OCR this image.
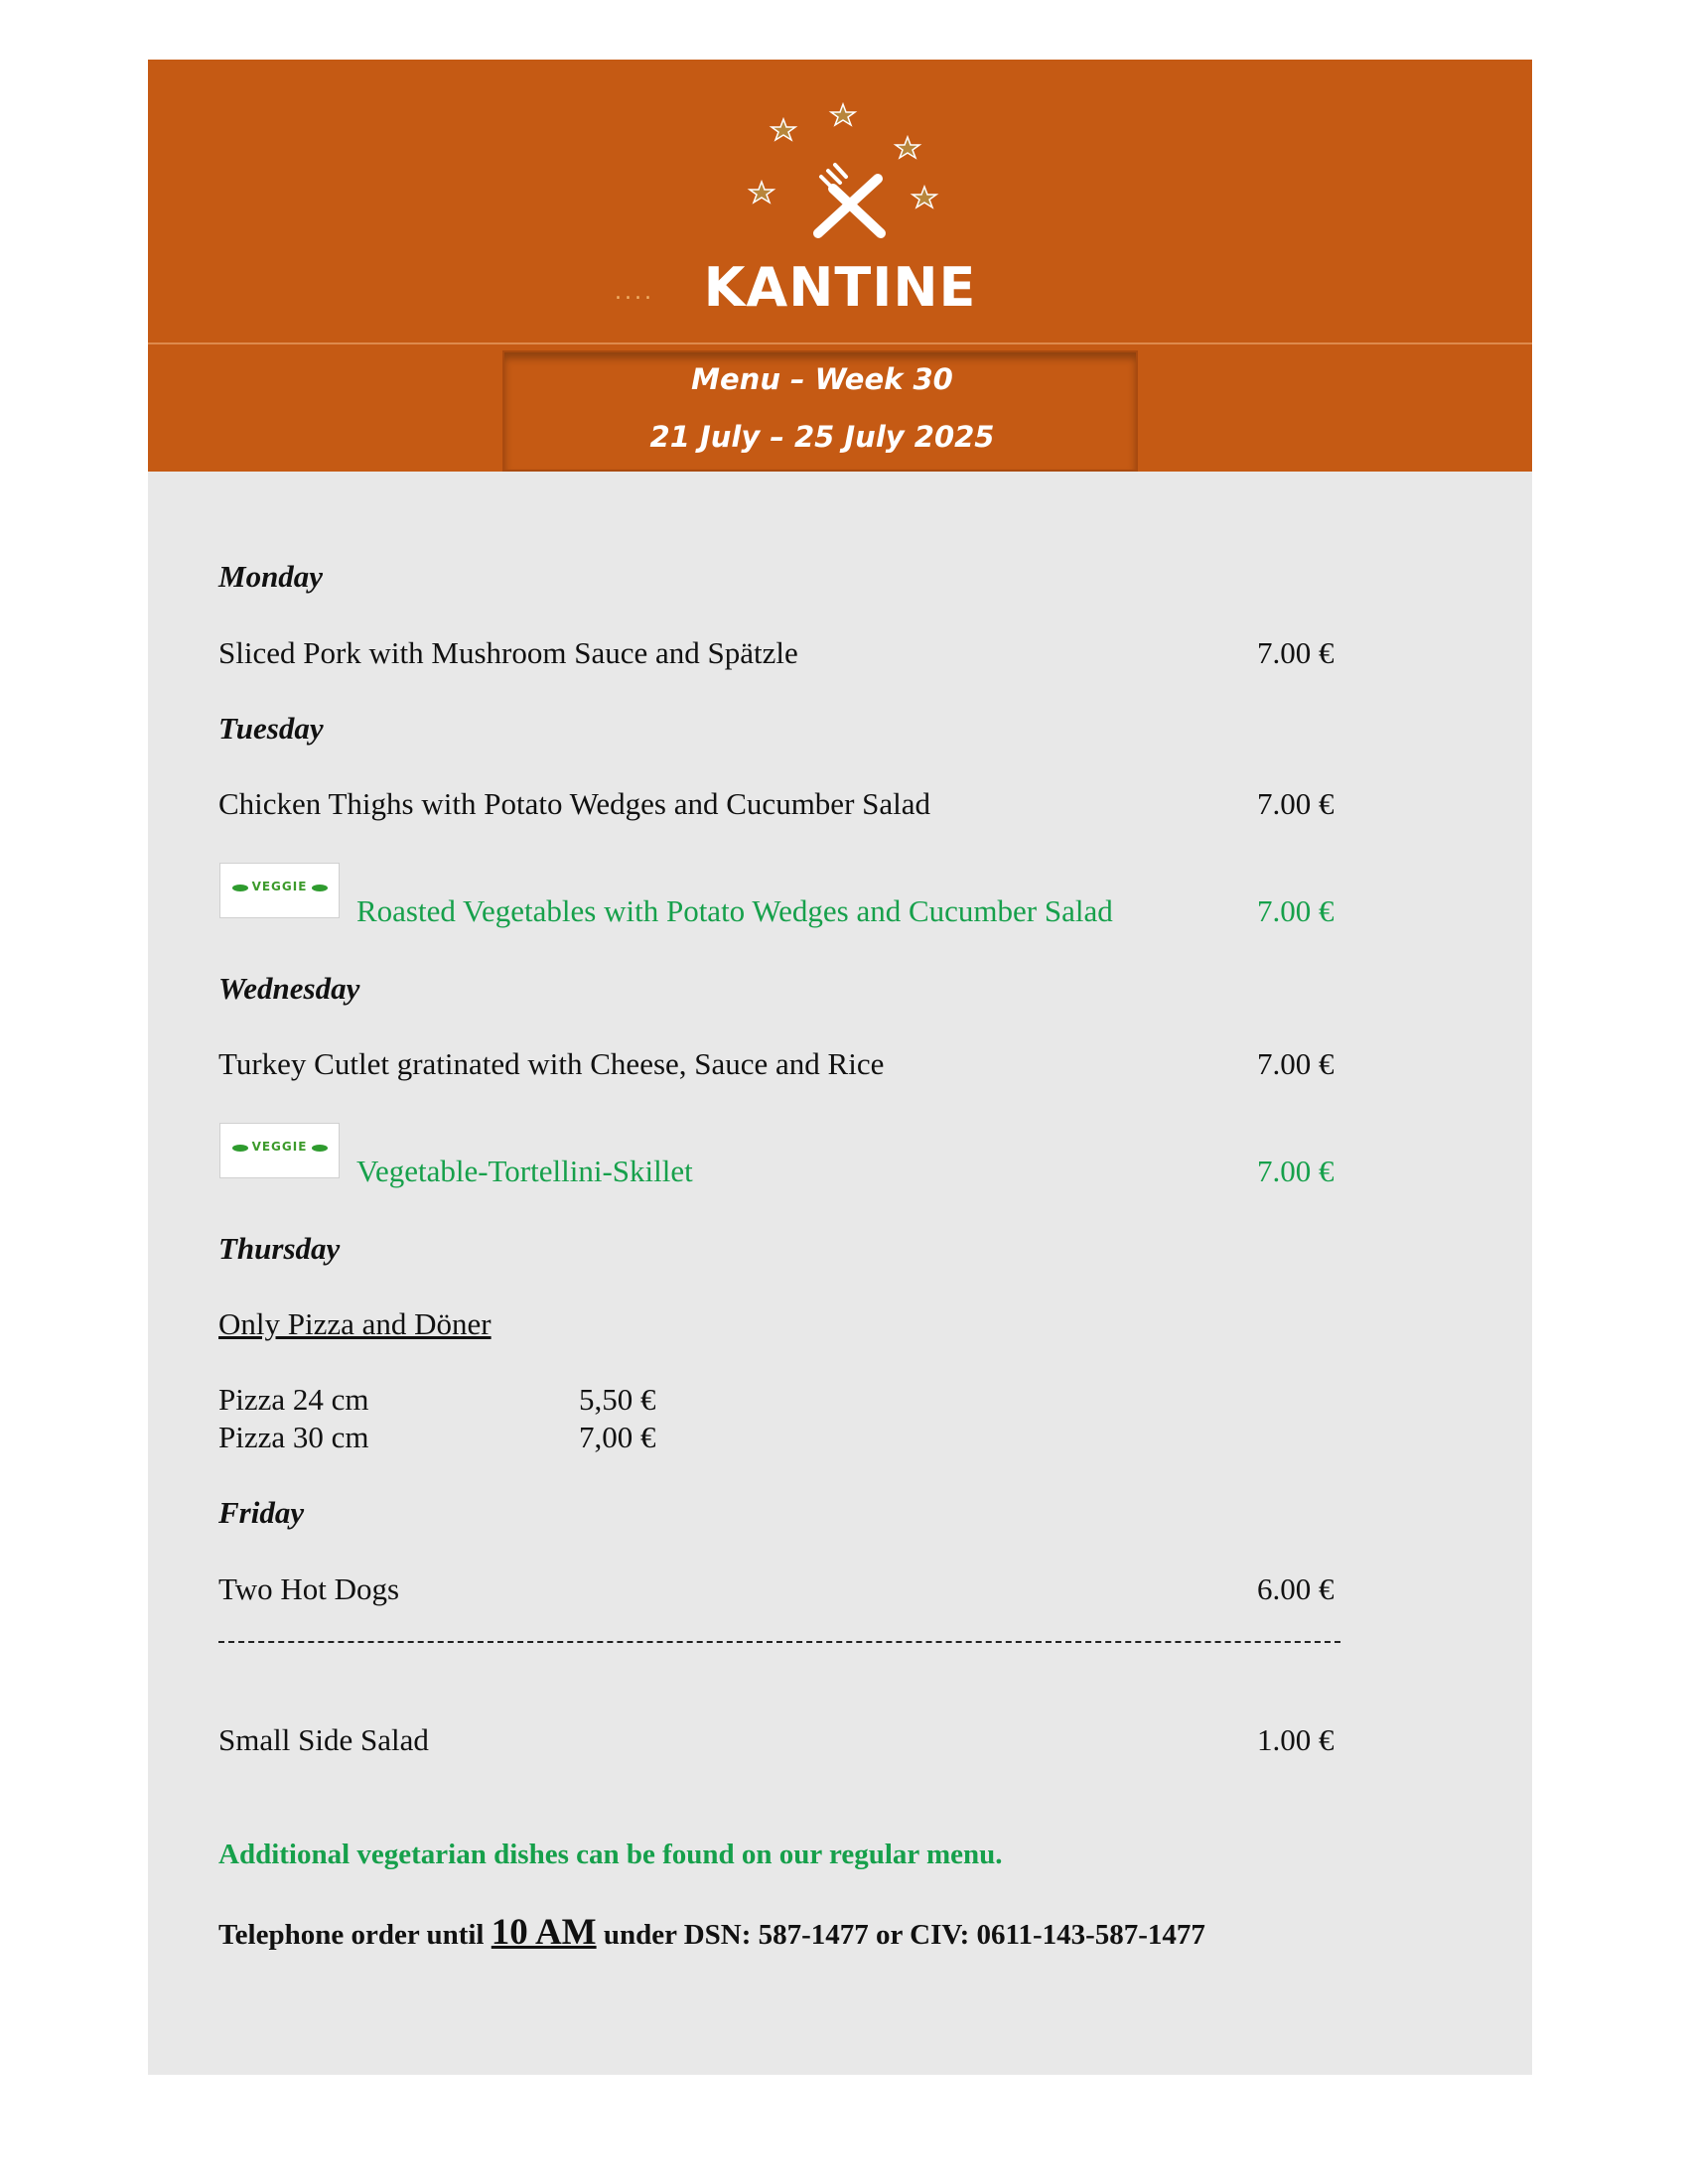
.... KANTINE
Menu – Week 30
21 July – 25 July 2025
Monday
Sliced Pork with Mushroom Sauce and Spätzle	7.00 €
Tuesday
Chicken Thighs with Potato Wedges and Cucumber Salad	7.00 €
VEGGIE
Roasted Vegetables with Potato Wedges and Cucumber Salad	7.00 €
Wednesday
Turkey Cutlet gratinated with Cheese, Sauce and Rice	7.00 €
VEGGIE
Vegetable-Tortellini-Skillet	7.00 €
Thursday
Only Pizza and Döner
Pizza 24 cm	5,50 €
Pizza 30 cm	7,00 €
Friday
Two Hot Dogs	6.00 €
Small Side Salad	1.00 €
Additional vegetarian dishes can be found on our regular menu.
Telephone order until 10 AM under DSN: 587-1477 or CIV: 0611-143-587-1477
